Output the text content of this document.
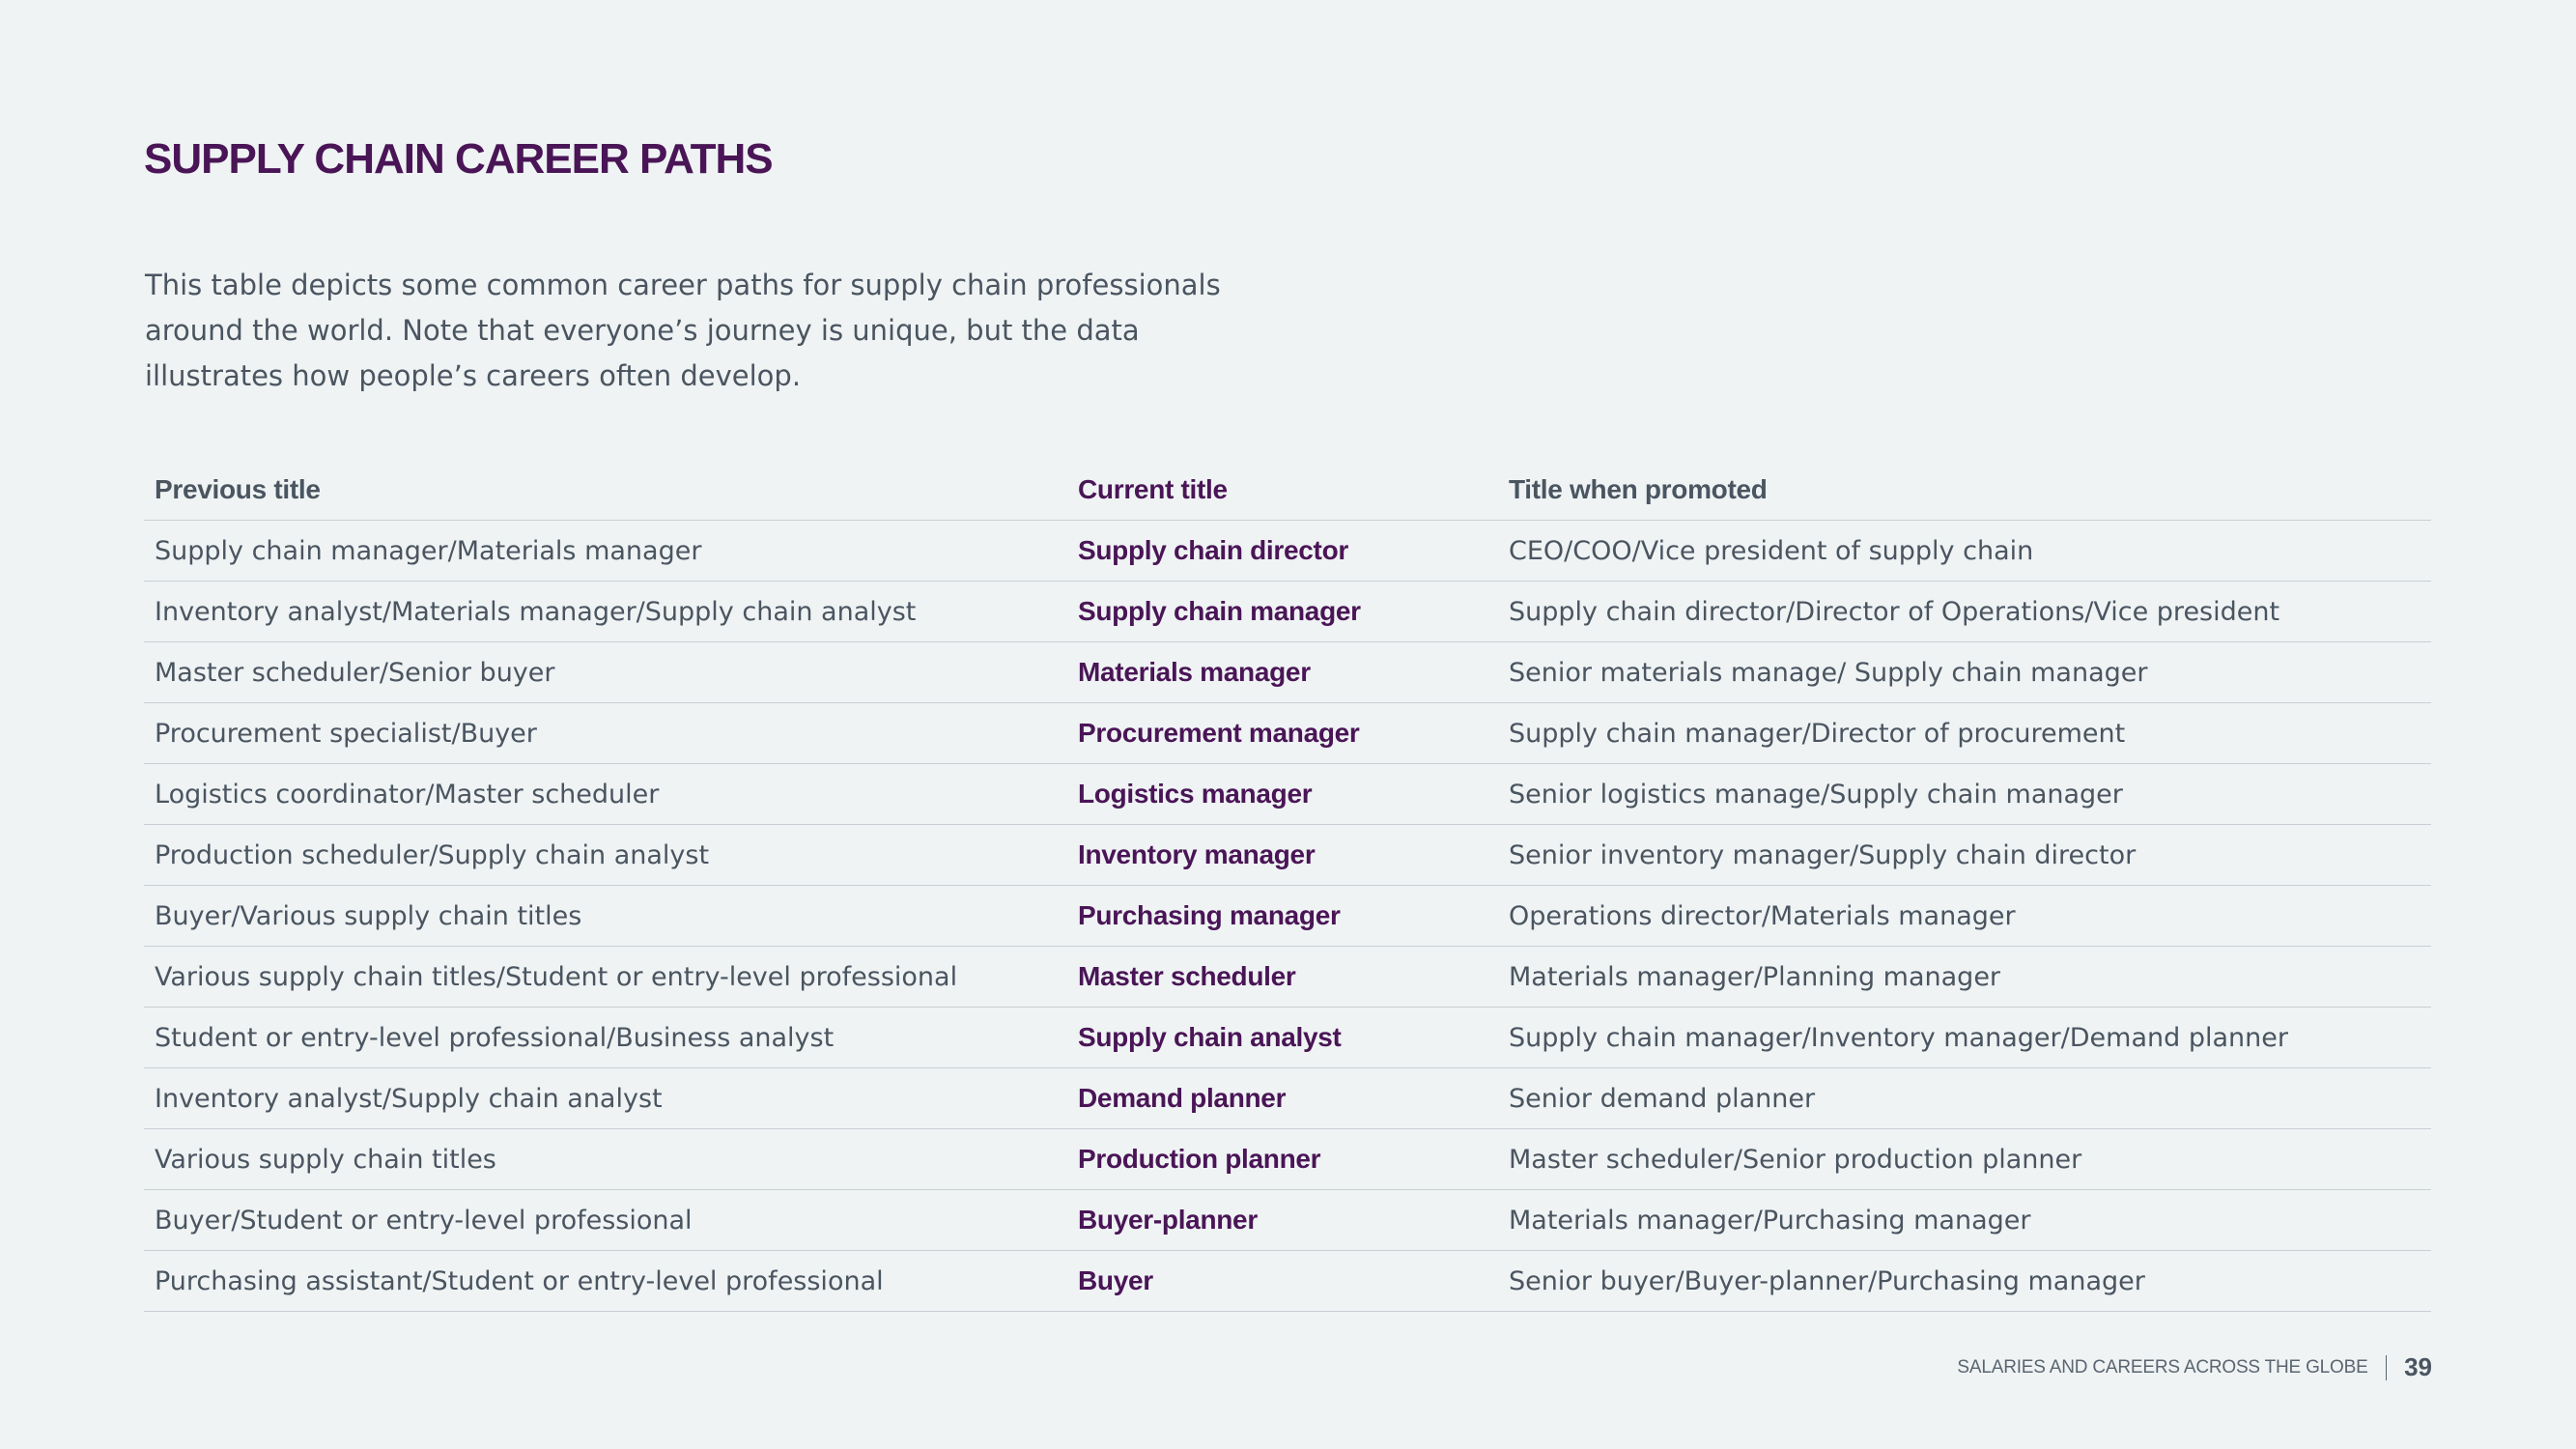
SUPPLY CHAIN CAREER PATHS

This table depicts some common career paths for supply chain professionals
around the world. Note that everyone’s journey is unique, but the data
illustrates how people’s careers often develop.

Previous title	Current title	Title when promoted
Supply chain manager/Materials manager	Supply chain director	CEO/COO/Vice president of supply chain
Inventory analyst/Materials manager/Supply chain analyst	Supply chain manager	Supply chain director/Director of Operations/Vice president
Master scheduler/Senior buyer	Materials manager	Senior materials manage/ Supply chain manager
Procurement specialist/Buyer	Procurement manager	Supply chain manager/Director of procurement
Logistics coordinator/Master scheduler	Logistics manager	Senior logistics manage/Supply chain manager
Production scheduler/Supply chain analyst	Inventory manager	Senior inventory manager/Supply chain director
Buyer/Various supply chain titles	Purchasing manager	Operations director/Materials manager
Various supply chain titles/Student or entry-level professional	Master scheduler	Materials manager/Planning manager
Student or entry-level professional/Business analyst	Supply chain analyst	Supply chain manager/Inventory manager/Demand planner
Inventory analyst/Supply chain analyst	Demand planner	Senior demand planner
Various supply chain titles	Production planner	Master scheduler/Senior production planner
Buyer/Student or entry-level professional	Buyer-planner	Materials manager/Purchasing manager
Purchasing assistant/Student or entry-level professional	Buyer	Senior buyer/Buyer-planner/Purchasing manager
SALARIES AND CAREERS ACROSS THE GLOBE 39
